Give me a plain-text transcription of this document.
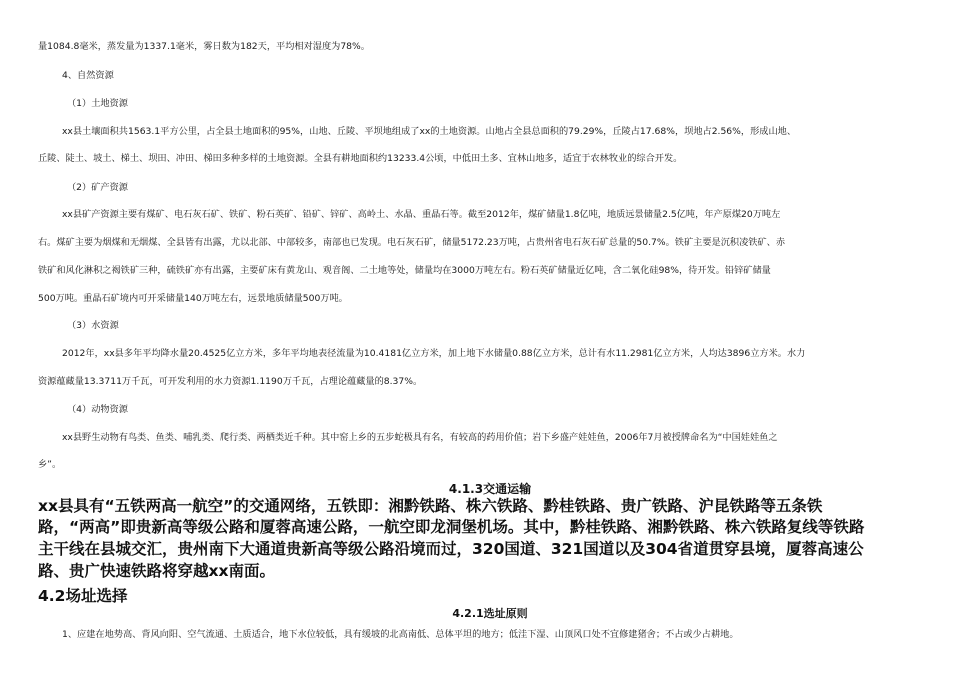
量1084.8毫米，蒸发量为1337.1毫米，雾日数为182天，平均相对湿度为78%。

4、自然资源

（1）土地资源

xx县土壤面积共1563.1平方公里，占全县土地面积的95%，山地、丘陵、平坝地组成了xx的土地资源。山地占全县总面积的79.29%，丘陵占17.68%，坝地占2.56%，形成山地、

丘陵、陡土、坡土、梯土、坝田、冲田、梯田多种多样的土地资源。全县有耕地面积约13233.4公顷，中低田土多、宜林山地多，适宜于农林牧业的综合开发。

（2）矿产资源

xx县矿产资源主要有煤矿、电石灰石矿、铁矿、粉石英矿、铅矿、锌矿、高岭土、水晶、重晶石等。截至2012年，煤矿储量1.8亿吨，地质远景储量2.5亿吨，年产原煤20万吨左

右。煤矿主要为烟煤和无烟煤、全县皆有出露，尤以北部、中部较多，南部也已发现。电石灰石矿，储量5172.23万吨，占贵州省电石灰石矿总量的50.7%。铁矿主要是沉积凌铁矿、赤

铁矿和风化淋积之褐铁矿三种，硫铁矿亦有出露，主要矿床有黄龙山、观音阁、二土地等处，储量均在3000万吨左右。粉石英矿储量近亿吨，含二氧化硅98%，待开发。铅锌矿储量

500万吨。重晶石矿境内可开采储量140万吨左右，远景地质储量500万吨。

（3）水资源

2012年，xx县多年平均降水量20.4525亿立方米，多年平均地表径流量为10.4181亿立方米，加上地下水储量0.88亿立方米，总计有水11.2981亿立方米，人均达3896立方米。水力

资源蕴藏量13.3711万千瓦，可开发利用的水力资源1.1190万千瓦，占理论蕴藏量的8.37%。

（4）动物资源

xx县野生动物有鸟类、鱼类、哺乳类、爬行类、两栖类近千种。其中窑上乡的五步蛇极具有名，有较高的药用价值；岩下乡盛产娃娃鱼，2006年7月被授牌命名为“中国娃娃鱼之

乡”。

4.1.3交通运输
xx县具有“五铁两高一航空”的交通网络，五铁即：湘黔铁路、株六铁路、黔桂铁路、贵广铁路、沪昆铁路等五条铁
路，“两高”即贵新高等级公路和厦蓉高速公路，一航空即龙洞堡机场。其中，黔桂铁路、湘黔铁路、株六铁路复线等铁路
主干线在县城交汇，贵州南下大通道贵新高等级公路沿境而过，320国道、321国道以及304省道贯穿县境，厦蓉高速公
路、贵广快速铁路将穿越xx南面。
4.2场址选择
4.2.1选址原则

1、应建在地势高、背风向阳、空气流通、土质适合，地下水位较低，具有缓坡的北高南低、总体平坦的地方；低洼下湿、山顶风口处不宜修建猪舍；不占或少占耕地。
